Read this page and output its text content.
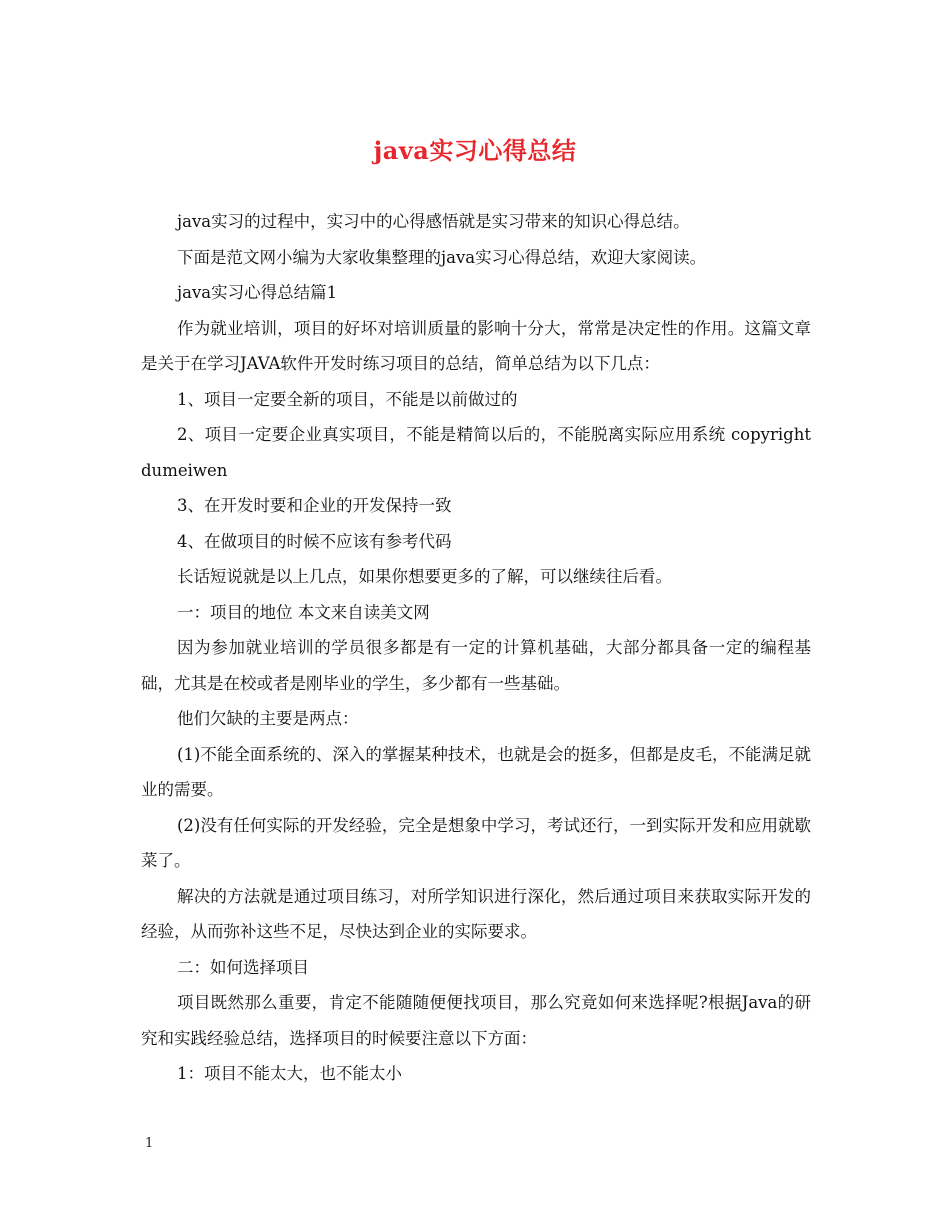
java实习心得总结

java实习的过程中，实习中的心得感悟就是实习带来的知识心得总结。

下面是范文网小编为大家收集整理的java实习心得总结，欢迎大家阅读。

java实习心得总结篇1

作为就业培训，项目的好坏对培训质量的影响十分大，常常是决定性的作用。这篇文章是关于在学习JAVA软件开发时练习项目的总结，简单总结为以下几点：

1、项目一定要全新的项目，不能是以前做过的

2、项目一定要企业真实项目，不能是精简以后的，不能脱离实际应用系统 copyright dumeiwen

3、在开发时要和企业的开发保持一致

4、在做项目的时候不应该有参考代码

长话短说就是以上几点，如果你想要更多的了解，可以继续往后看。

一：项目的地位 本文来自读美文网

因为参加就业培训的学员很多都是有一定的计算机基础，大部分都具备一定的编程基础，尤其是在校或者是刚毕业的学生，多少都有一些基础。

他们欠缺的主要是两点：

(1)不能全面系统的、深入的掌握某种技术，也就是会的挺多，但都是皮毛，不能满足就业的需要。

(2)没有任何实际的开发经验，完全是想象中学习，考试还行，一到实际开发和应用就歇菜了。

解决的方法就是通过项目练习，对所学知识进行深化，然后通过项目来获取实际开发的经验，从而弥补这些不足，尽快达到企业的实际要求。

二：如何选择项目

项目既然那么重要，肯定不能随随便便找项目，那么究竟如何来选择呢?根据Java的研究和实践经验总结，选择项目的时候要注意以下方面：

1：项目不能太大，也不能太小

1
